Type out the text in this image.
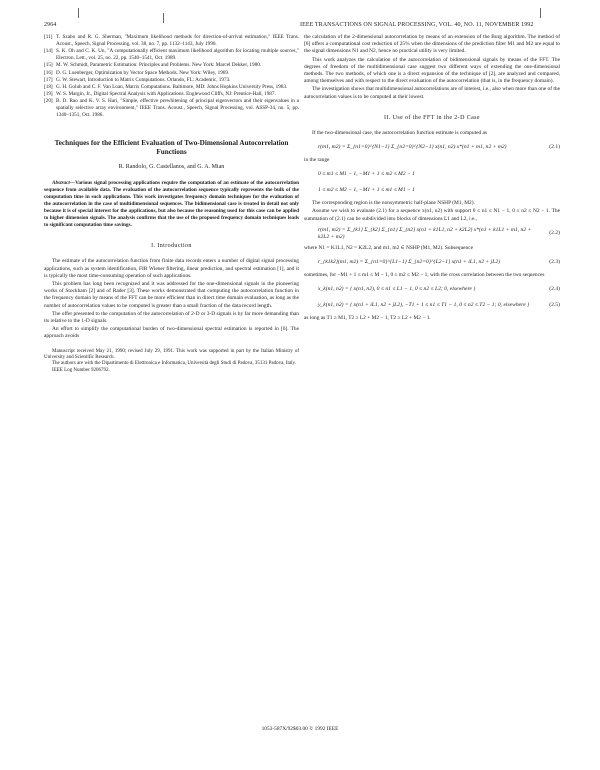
2964	IEEE TRANSACTIONS ON SIGNAL PROCESSING, VOL. 40, NO. 11, NOVEMBER 1992
[11] T. Szabo and R. G. Sherman, "Maximum likelihood methods for direction-of-arrival estimation," IEEE Trans. Acoust., Speech, Signal Processing, vol. 38, no. 7, pp. 1132–1143, July 1990.
[14] S. K. Oh and C. K. Un, "A computationally efficient maximum likelihood algorithm for locating multiple sources," Electron. Lett., vol. 25, no. 22, pp. 1540–1541, Oct. 1989.
[15] M. W. Schmidt, Parametric Estimation: Principles and Problems. New York: Marcel Dekker, 1980.
[16] D. G. Luenberger, Optimization by Vector Space Methods. New York: Wiley, 1969.
[17] G. W. Stewart, Introduction to Matrix Computations. Orlando, FL: Academic, 1973.
[18] G. H. Golub and C. F. Van Loan, Matrix Computations. Baltimore, MD: Johns Hopkins University Press, 1983.
[19] W. S. Margin, Jr., Digital Spectral Analysis with Applications. Englewood Cliffs, NJ: Prentice-Hall, 1987.
[20] B. D. Rao and K. V. S. Hari, "Simple, effective prewhitening of principal eigenvectors and their eigenvalues in a spatially selective array environment," IEEE Trans. Acoust., Speech, Signal Processing, vol. ASSP-34, no. 5, pp. 1340–1351, Oct. 1986.
Techniques for the Efficient Evaluation of Two-Dimensional Autocorrelation Functions
R. Randolo, G. Castellanos, and G. A. Mian

Abstract—Various signal processing applications require the computation of an estimate of the autocorrelation sequence from available data. The evaluation of the autocorrelation sequence typically represents the bulk of the computation time in such applications. This work investigates frequency domain techniques for the evaluation of the autocorrelation in the case of multidimensional sequences. The bidimensional case is treated in detail not only because it is of special interest for the applications, but also because the reasoning used for this case can be applied to higher dimension signals. The analysis confirms that the use of the proposed frequency domain techniques leads to significant computation time savings.

I. Introduction

The estimate of the autocorrelation function from finite data records enters a number of digital signal processing applications, such as system identification, FIR Wiener filtering, linear prediction, and spectral estimation [1], and it is typically the most time-consuming operation of such applications.

This problem has long been recognized and it was addressed for the one-dimensional signals in the pioneering works of Stockham [2] and of Rader [3]. These works demonstrated that computing the autocorrelation function in the frequency domain by means of the FFT can be more efficient than in direct time domain evaluation, as long as the number of autocorrelation values to be computed is greater than a small fraction of the data record length.

The offer presented to the computation of the autocorrelation of 2-D or 3-D signals is by far more demanding than its relative to the 1-D signals.

An effort to simplify the computational burden of two-dimensional spectral estimation is reported in [6]. The approach avoids

Manuscript received May 21, 1990; revised July 29, 1991. This work was supported in part by the Italian Ministry of University and Scientific Research.

The authors are with the Dipartimento di Elettronica e Informatica, Università degli Studi di Padova, 35131 Padova, Italy.

IEEE Log Number 9206792.

the calculation of the 2-dimensional autocorrelation by means of an extension of the Burg algorithm. The method of [6] offers a computational cost reduction of 25% when the dimensions of the prediction filter M1 and M2 are equal to the signal dimensions N1 and N2, hence no practical utility is very limited.

This work analyzes the calculation of the autocorrelation of bidimensional signals by means of the FFT. The degrees of freedom of the multidimensional case suggest two different ways of extending the one-dimensional methods. The two methods, of which one is a direct expansion of the technique of [2], are analyzed and compared, among themselves and with respect to the direct evaluation of the autocorrelation (that is, in the frequency domain).

The investigation shows that multidimensional autocorrelations are of interest, i.e., also when more than one of the autocorrelation values is to be computed at their lowest.

II. Use of the FFT in the 2-D Case

If the two-dimensional case, the autocorrelation function estimate is computed as

r(m1, m2) = Σ_{n1=0}^{N1−1} Σ_{n2=0}^{N2−1} x(n1, n2) x*(n1 + m1, n2 + m2)	(2.1)

in the range

0 ≤ m1 ≤ M1 − 1, −M1 + 1 ≤ m2 ≤ M2 − 1
1 ≤ m2 ≤ M2 − 1, −M1 + 1 ≤ m1 ≤ M1 − 1

The corresponding region is the nonsymmetric half-plane NSHP (M1, M2).

Assume we wish to evaluate (2.1) for a sequence x(n1, n2) with support 0 ≤ n1 ≤ N1 − 1, 0 ≤ n2 ≤ N2 − 1. The summation of (2.1) can be subdivided into blocks of dimensions L1 and L2, i.e.,

r(m1, m2) = Σ_{k1} Σ_{k2} Σ_{n1} Σ_{n2} x(n1 + k1L1, n2 + k2L2) x*(n1 + k1L1 + m1, n2 + k2L2 + m2)
(2.2)

where N1 = K1L1, N2 = K2L2, and m1, m2 ∈ NSHP (M1, M2). Subsequence

r_{k1k2}(m1, m2) = Σ_{n1=0}^{L1−1} Σ_{n2=0}^{L2−1} x(n1 + iL1, n2 + jL2)	(2.3)

sometimes, for −M1 + 1 ≤ m1 ≤ M − 1, 0 ≤ m2 ≤ M2 − 1, with the cross correlation between the two sequences

x_k(n1, n2) = { x(n1, n2), 0 ≤ n1 ≤ L1 − 1, 0 ≤ n2 ≤ L2; 0, elsewhere }	(2.4)
y_k(n1, n2) = { x(n1 + iL1, n2 + jL2), −T1 + 1 ≤ n1 ≤ T1 − 1, 0 ≤ n2 ≤ T2 − 1; 0, elsewhere }	(2.5)

as long as T1 ≥ M1, T2 ≥ L2 + M2 − 1, T2 ≥ L2 + M2 − 1.

1053-587X/92$03.00 © 1992 IEEE
